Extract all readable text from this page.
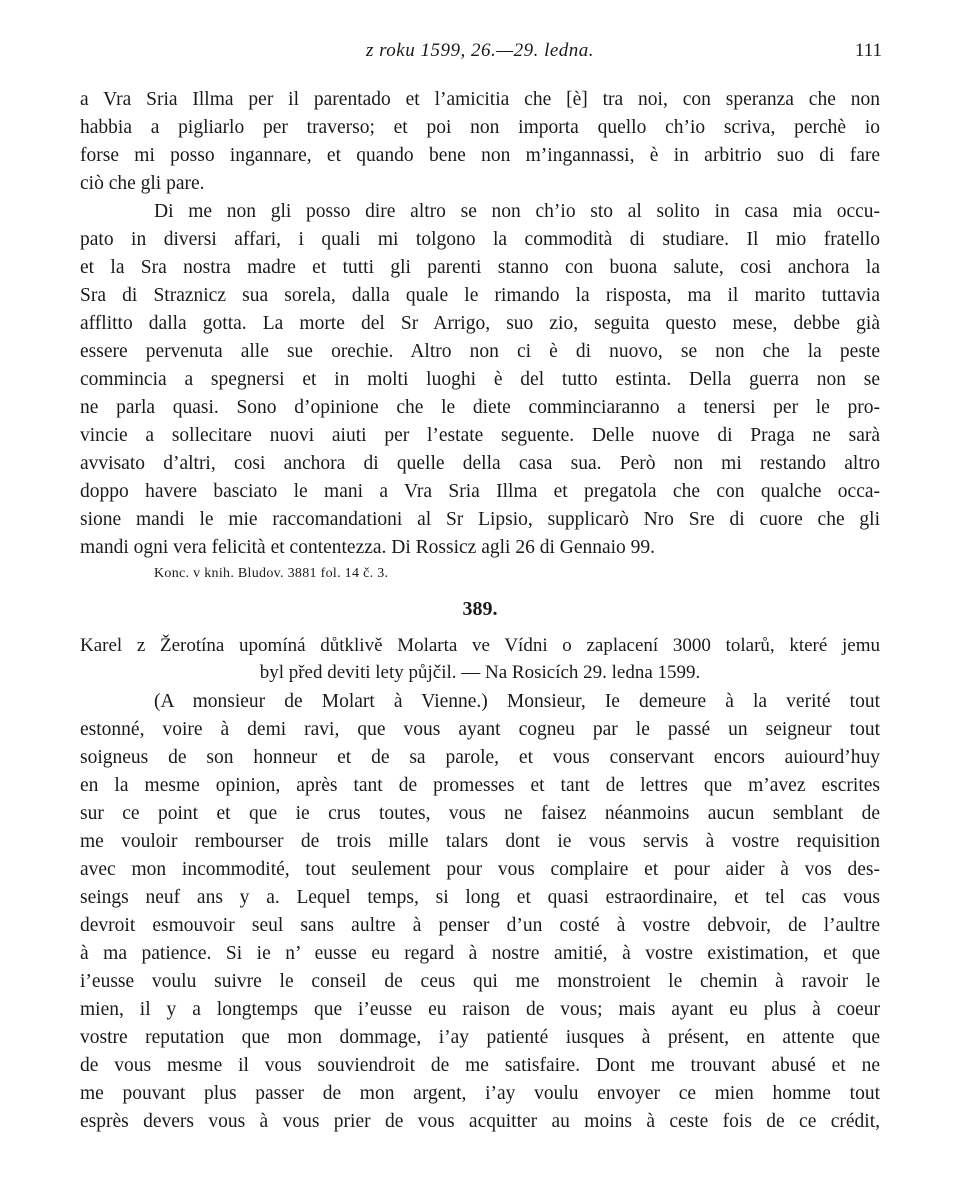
z roku 1599, 26.—29. ledna.	111
a Vra Sria Illma per il parentado et l’amicitia che [è] tra noi, con speranza che non
habbia a pigliarlo per traverso; et poi non importa quello ch’io scriva, perchè io
forse mi posso ingannare, et quando bene non m’ingannassi, è in arbitrio suo di fare
ciò che gli pare.
Di me non gli posso dire altro se non ch’io sto al solito in casa mia occu-
pato in diversi affari, i quali mi tolgono la commodità di studiare. Il mio fratello
et la Sra nostra madre et tutti gli parenti stanno con buona salute, cosi anchora la
Sra di Straznicz sua sorela, dalla quale le rimando la risposta, ma il marito tuttavia
afflitto dalla gotta. La morte del Sr Arrigo, suo zio, seguita questo mese, debbe già
essere pervenuta alle sue orechie. Altro non ci è di nuovo, se non che la peste
comminciа a spegnersi et in molti luoghi è del tutto estinta. Della guerra non se
ne parla quasi. Sono d’opinione che le diete comminciaranno a tenersi per le pro-
vincie a sollecitare nuovi aiuti per l’estate seguente. Delle nuove di Praga ne sarà
avvisato d’altri, cosi anchora di quelle della casa sua. Però non mi restando altro
doppo havere basciato le mani a Vra Sria Illma et pregatola che con qualche occa-
sione mandi le mie raccomandationi al Sr Lipsio, supplicarò Nro Sre di cuore che gli
mandi ogni vera felicità et contentezza. Di Rossicz agli 26 di Gennaio 99.
Konc. v knih. Bludov. 3881 fol. 14 č. 3.
389.
Karel z Žerotína upomíná důtklivě Molarta ve Vídni o zaplacení 3000 tolarů, které jemu
byl před deviti lety půjčil. — Na Rosicích 29. ledna 1599.
(A monsieur de Molart à Vienne.) Monsieur, Ie demeure à la verité tout
estonné, voire à demi ravi, que vous ayant cogneu par le passé un seigneur tout
soigneus de son honneur et de sa parole, et vous conservant encors auiourd’huy
en la mesme opinion, après tant de promesses et tant de lettres que m’avez escrites
sur ce point et que ie crus toutes, vous ne faisez néanmoins aucun semblant de
me vouloir rembourser de trois mille talars dont ie vous servis à vostre requisition
avec mon incommodité, tout seulement pour vous complaire et pour aider à vos des-
seings neuf ans y a. Lequel temps, si long et quasi estraordinaire, et tel cas vous
devroit esmouvoir seul sans aultre à penser d’un costé à vostre debvoir, de l’aultre
à ma patience. Si ie n’ eusse eu regard à nostre amitié, à vostre existimation, et que
i’eusse voulu suivre le conseil de ceus qui me monstroient le chemin à ravoir le
mien, il y a longtemps que i’eusse eu raison de vous; mais ayant eu plus à coeur
vostre reputation que mon dommage, i’ay patienté iusques à présent, en attente que
de vous mesme il vous souviendroit de me satisfaire. Dont me trouvant abusé et ne
me pouvant plus passer de mon argent, i’ay voulu envoyer ce mien homme tout
esprès devers vous à vous prier de vous acquitter au moins à ceste fois de ce crédit,
